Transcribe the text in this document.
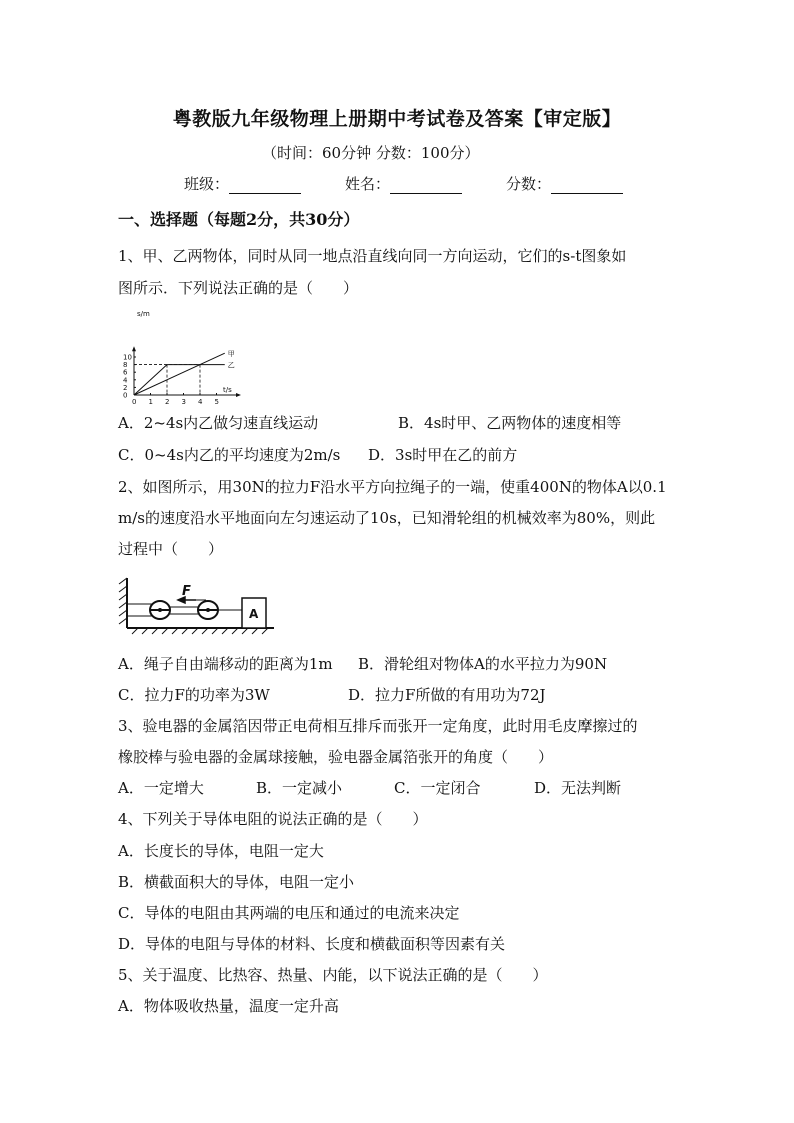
粤教版九年级物理上册期中考试卷及答案【审定版】
（时间：60分钟 分数：100分）
班级：	姓名：	分数：
一、选择题（每题2分，共30分）
1、甲、乙两物体，同时从同一地点沿直线向同一方向运动，它们的s-t图象如
图所示．下列说法正确的是（　　）
0 1 2 3 4 5
0
2
4
6
8
10
t/s
s/m
甲
乙
A．2~4s内乙做匀速直线运动	B．4s时甲、乙两物体的速度相等
C．0~4s内乙的平均速度为2m/s D．3s时甲在乙的前方
2、如图所示，用30N的拉力F沿水平方向拉绳子的一端，使重400N的物体A以0.1
m/s的速度沿水平地面向左匀速运动了10s，已知滑轮组的机械效率为80%，则此
过程中（　　）
F
A
A．绳子自由端移动的距离为1m B．滑轮组对物体A的水平拉力为90N
C．拉力F的功率为3W	D．拉力F所做的有用功为72J
3、验电器的金属箔因带正电荷相互排斥而张开一定角度，此时用毛皮摩擦过的
橡胶棒与验电器的金属球接触，验电器金属箔张开的角度（　　）
A．一定增大	B．一定减小	C．一定闭合	D．无法判断
4、下列关于导体电阻的说法正确的是（　　）
A．长度长的导体，电阻一定大
B．横截面积大的导体，电阻一定小
C．导体的电阻由其两端的电压和通过的电流来决定
D．导体的电阻与导体的材料、长度和横截面积等因素有关
5、关于温度、比热容、热量、内能，以下说法正确的是（　　）
A．物体吸收热量，温度一定升高
